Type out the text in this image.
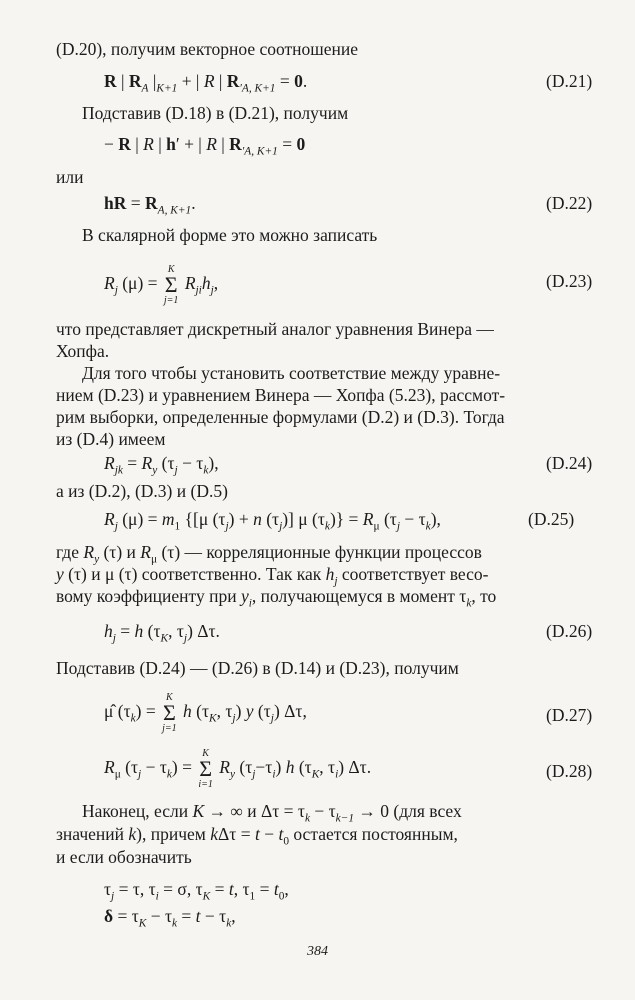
(D.20), получим векторное соотношение
R | $R_A$ $|_{K+1}$ + | R | $R_{'A, K+1} = 0$.	(D.21)
Подставив (D.18) в (D.21), получим
− R | R | h′ + | R | $R_{'A, K+1} = 0$
или
hR = $R_{A, K+1}$.	(D.22)
В скалярной форме это можно записать
$R_j$ (μ) =
K
Σ
j=1
$R_{ji}h_j$,	(D.23)
что представляет дискретный аналог уравнения Винера —
Хопфа.
Для того чтобы установить соответствие между уравне-
нием (D.23) и уравнением Винера — Хопфа (5.23), рассмот-
рим выборки, определенные формулами (D.2) и (D.3). Тогда
из (D.4) имеем
$R_{jk} = R_y$ $(\tau_j - \tau_k)$,	(D.24)
а из (D.2), (D.3) и (D.5)
$R_j$ $(\mu) = m_1$ {[μ $(\tau_j) + n$ $(\tau_j)$] μ $(\tau_k)\} = R_\mu$ $(\tau_j - \tau_k)$,	(D.25)
где $R_y$ (τ) и $R_\mu$ (τ) — корреляционные функции процессов
y (τ) и μ (τ) соответственно. Так как $h_j$ соответствует весо-
вому коэффициенту при $y_i$, получающемуся в момент $\tau_k$, то
$h_j = h$ ($\tau_K$, $\tau_j$) Δτ.	(D.26)
Подставив (D.24) — (D.26) в (D.14) и (D.23), получим
μ̂ $(\tau_k)$ =
K
Σ
j=1
h ($\tau_K$, $\tau_j$) y $(\tau_j)$ Δτ,	(D.27)
$R_\mu$ $(\tau_j - \tau_k)$ =
K
Σ
i=1
$R_y$ $(\tau_j-\tau_i)$ h ($\tau_K$, $\tau_i$) Δτ.	(D.28)
Наконец, если K → ∞ и $\Delta\tau = \tau_k - \tau_{k-1} \to 0$ (для всех
значений k), причем $k\Delta\tau = t - t_0$ остается постоянным,
и если обозначить
$\tau_j = \tau$, $\tau_i = \sigma$, $\tau_K = t$, $\tau_1 = t_0$,
$\delta = \tau_K - \tau_k = t - \tau_k$,
384
